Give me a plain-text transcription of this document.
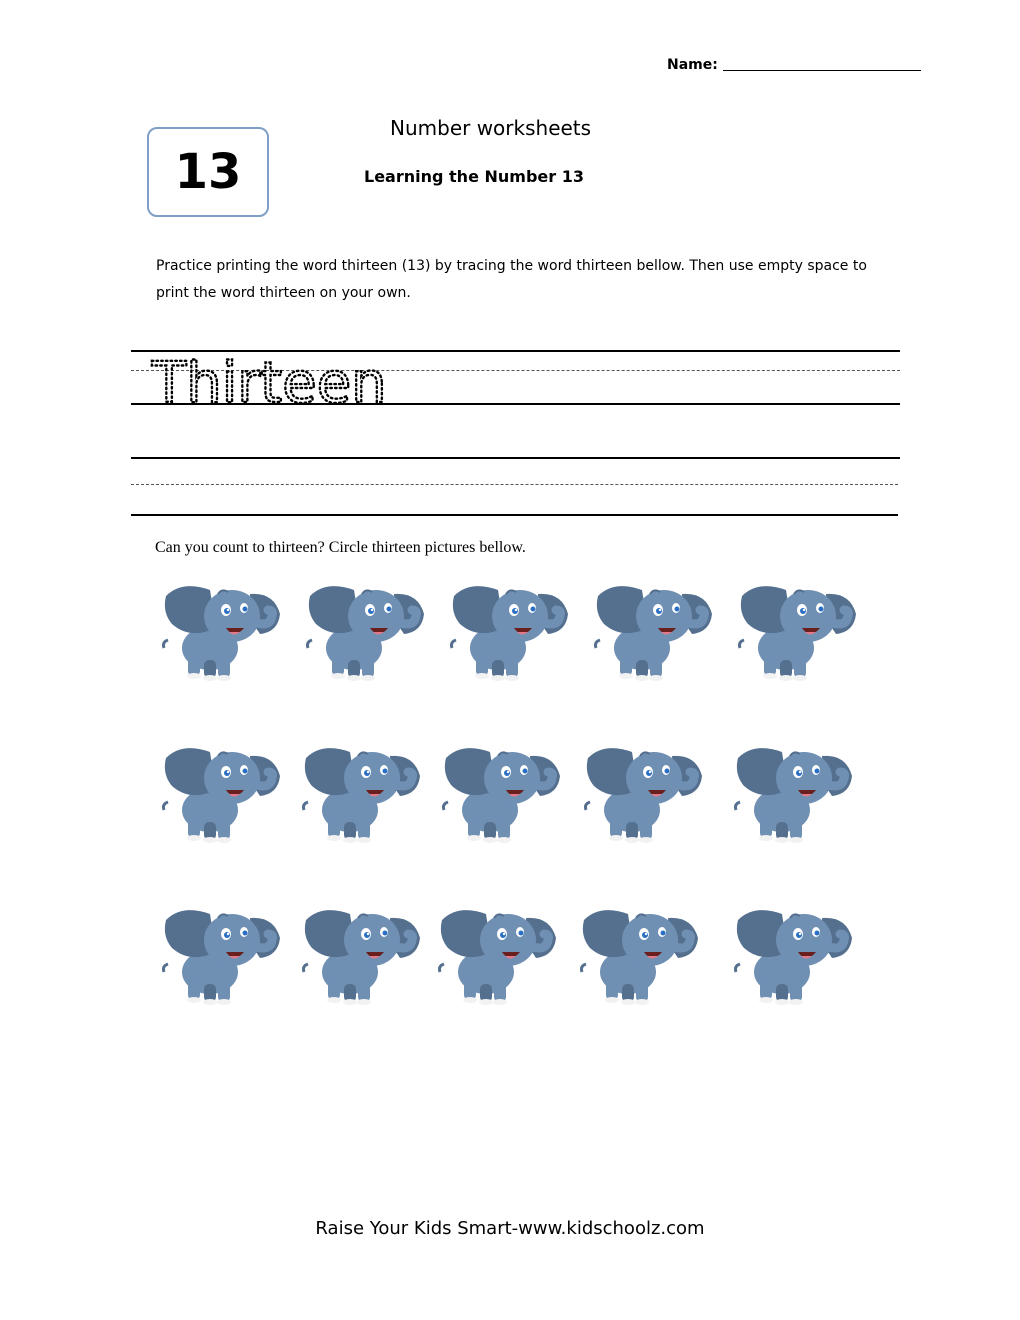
Name:
13
Number worksheets
Learning the Number 13
Practice printing the word thirteen (13) by tracing the word thirteen bellow. Then use empty space to print the word thirteen on your own.
Thirteen
Can you count to thirteen? Circle thirteen pictures bellow.
Raise Your Kids Smart-www.kidschoolz.com
